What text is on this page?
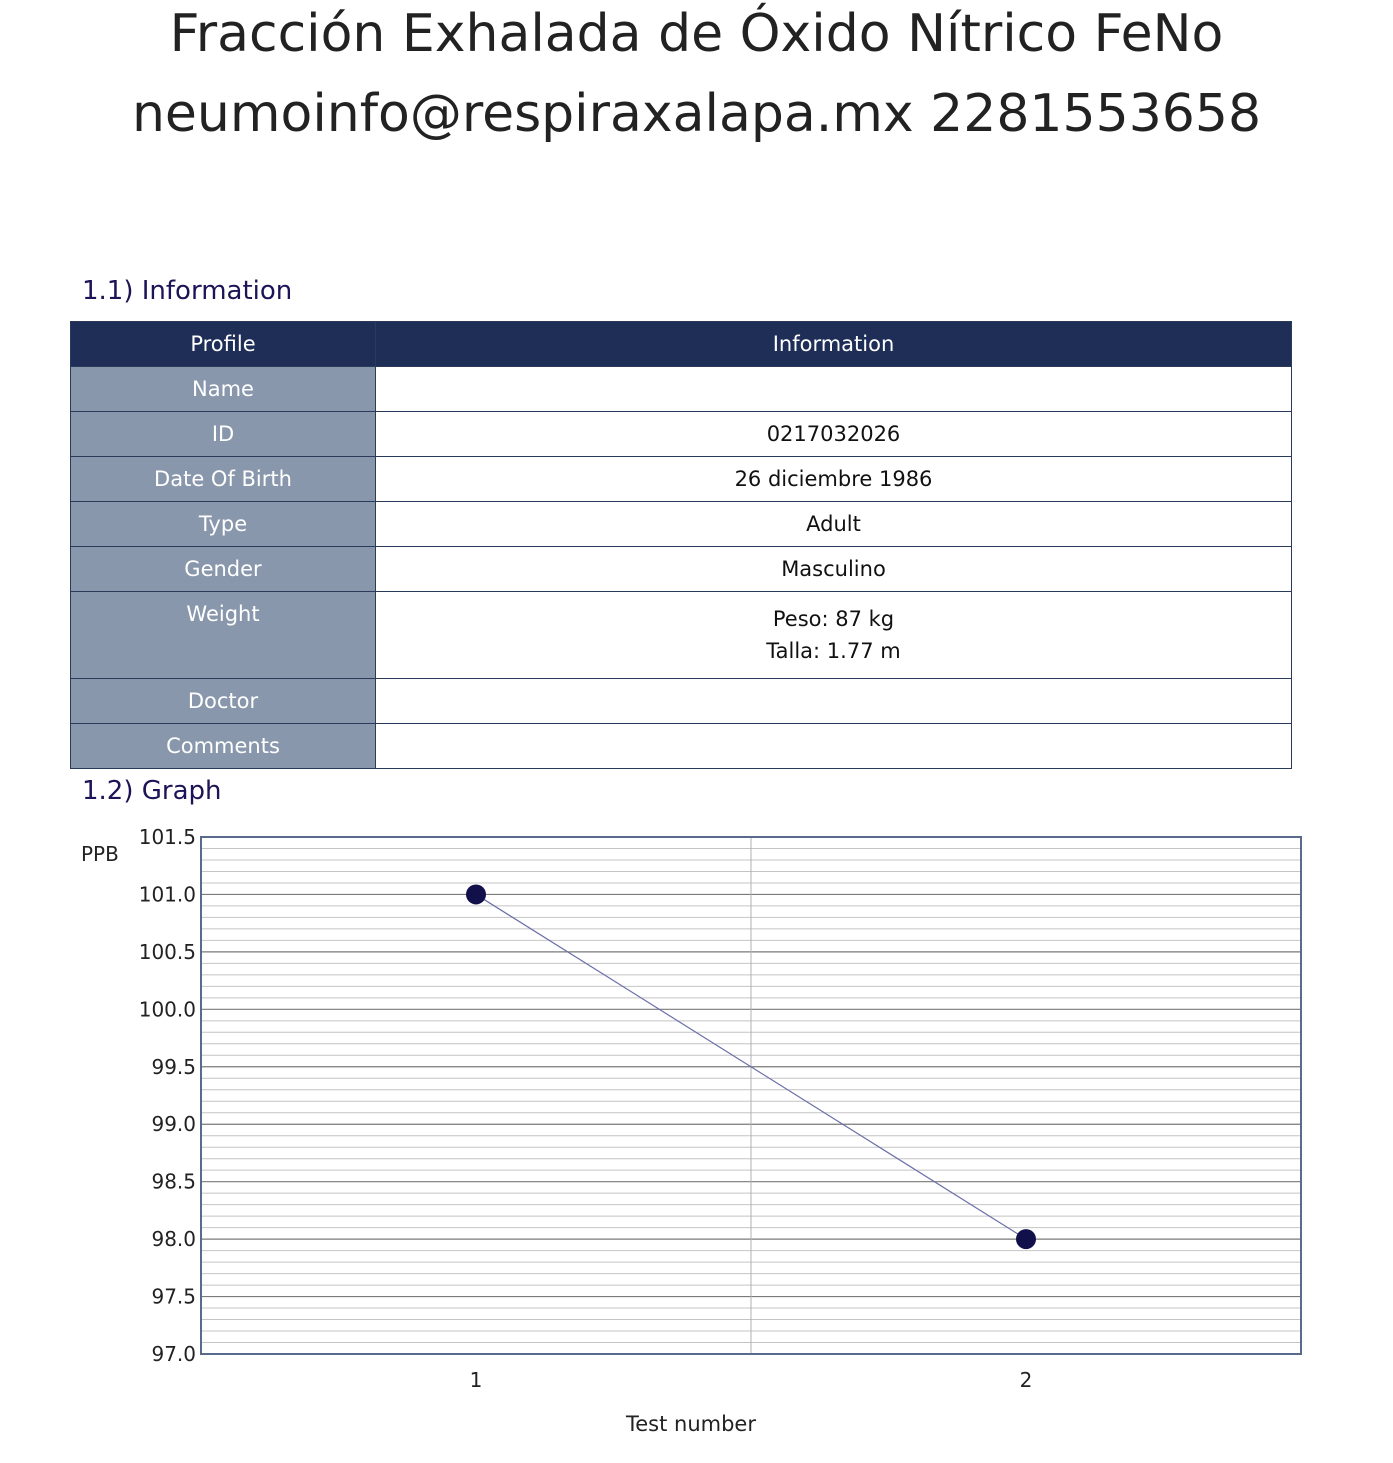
Fracción Exhalada de Óxido Nítrico FeNo
neumoinfo@respiraxalapa.mx 2281553658
1.1) Information
Profile	Information
Name	
ID	0217032026
Date Of Birth	26 diciembre 1986
Type	Adult
Gender	Masculino
Weight	Peso: 87 kg
Talla: 1.77 m

Doctor	
Comments	
1.2) Graph
97.0
97.5
98.0
98.5
99.0
99.5
100.0
100.5
101.0
101.5
1	2
PPB
Test number
